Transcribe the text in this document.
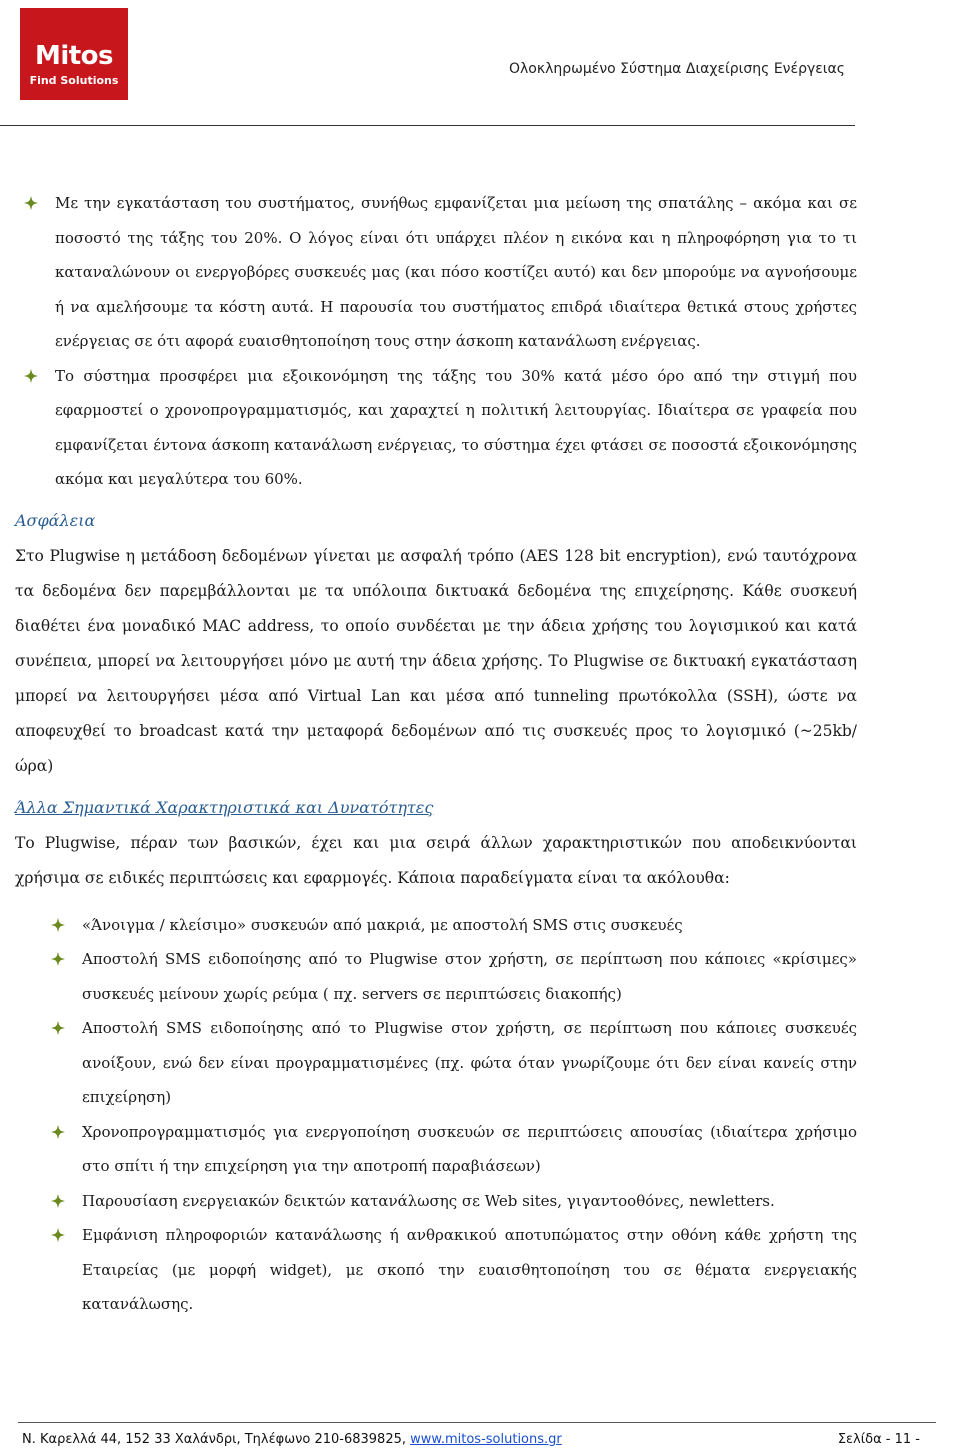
Mitos
Find Solutions
Ολοκληρωμένο Σύστημα Διαχείρισης Ενέργειας
Με την εγκατάσταση του συστήματος, συνήθως εμφανίζεται μια μείωση της σπατάλης – ακόμα και σε ποσοστό της τάξης του 20%. Ο λόγος είναι ότι υπάρχει πλέον η εικόνα και η πληροφόρηση για το τι καταναλώνουν οι ενεργοβόρες συσκευές μας (και πόσο κοστίζει αυτό) και δεν μπορούμε να αγνοήσουμε ή να αμελήσουμε τα κόστη αυτά. Η παρουσία του συστήματος επιδρά ιδιαίτερα θετικά στους χρήστες ενέργειας σε ότι αφορά ευαισθητοποίηση τους στην άσκοπη κατανάλωση ενέργειας.
Το σύστημα προσφέρει μια εξοικονόμηση της τάξης του 30% κατά μέσο όρο από την στιγμή που εφαρμοστεί ο χρονοπρογραμματισμός, και χαραχτεί η πολιτική λειτουργίας. Ιδιαίτερα σε γραφεία που εμφανίζεται έντονα άσκοπη κατανάλωση ενέργειας, το σύστημα έχει φτάσει σε ποσοστά εξοικονόμησης ακόμα και μεγαλύτερα του 60%.
Ασφάλεια

Στο Plugwise η μετάδοση δεδομένων γίνεται με ασφαλή τρόπο (AES 128 bit encryption), ενώ ταυτόχρονα τα δεδομένα δεν παρεμβάλλονται με τα υπόλοιπα δικτυακά δεδομένα της επιχείρησης. Κάθε συσκευή διαθέτει ένα μοναδικό MAC address, το οποίο συνδέεται με την άδεια χρήσης του λογισμικού και κατά συνέπεια, μπορεί να λειτουργήσει μόνο με αυτή την άδεια χρήσης. Το Plugwise σε δικτυακή εγκατάσταση μπορεί να λειτουργήσει μέσα από Virtual Lan και μέσα από tunneling πρωτόκολλα (SSH), ώστε να αποφευχθεί το broadcast κατά την μεταφορά δεδομένων από τις συσκευές προς το λογισμικό (~25kb/ώρα)

Άλλα Σημαντικά Χαρακτηριστικά και Δυνατότητες

Το Plugwise, πέραν των βασικών, έχει και μια σειρά άλλων χαρακτηριστικών που αποδεικνύονται χρήσιμα σε ειδικές περιπτώσεις και εφαρμογές. Κάποια παραδείγματα είναι τα ακόλουθα:

«Άνοιγμα / κλείσιμο» συσκευών από μακριά, με αποστολή SMS στις συσκευές
Αποστολή SMS ειδοποίησης από το Plugwise στον χρήστη, σε περίπτωση που κάποιες «κρίσιμες» συσκευές μείνουν χωρίς ρεύμα ( πχ. servers σε περιπτώσεις διακοπής)
Αποστολή SMS ειδοποίησης από το Plugwise στον χρήστη, σε περίπτωση που κάποιες συσκευές ανοίξουν, ενώ δεν είναι προγραμματισμένες (πχ. φώτα όταν γνωρίζουμε ότι δεν είναι κανείς στην επιχείρηση)
Χρονοπρογραμματισμός για ενεργοποίηση συσκευών σε περιπτώσεις απουσίας (ιδιαίτερα χρήσιμο στο σπίτι ή την επιχείρηση για την αποτροπή παραβιάσεων)
Παρουσίαση ενεργειακών δεικτών κατανάλωσης σε Web sites, γιγαντοοθόνες, newletters.
Εμφάνιση πληροφοριών κατανάλωσης ή ανθρακικού αποτυπώματος στην οθόνη κάθε χρήστη της Εταιρείας (με μορφή widget), με σκοπό την ευαισθητοποίηση του σε θέματα ενεργειακής κατανάλωσης.
Ν. Καρελλά 44, 152 33 Χαλάνδρι, Τηλέφωνο 210-6839825, www.mitos-solutions.gr	Σελίδα - 11 -
